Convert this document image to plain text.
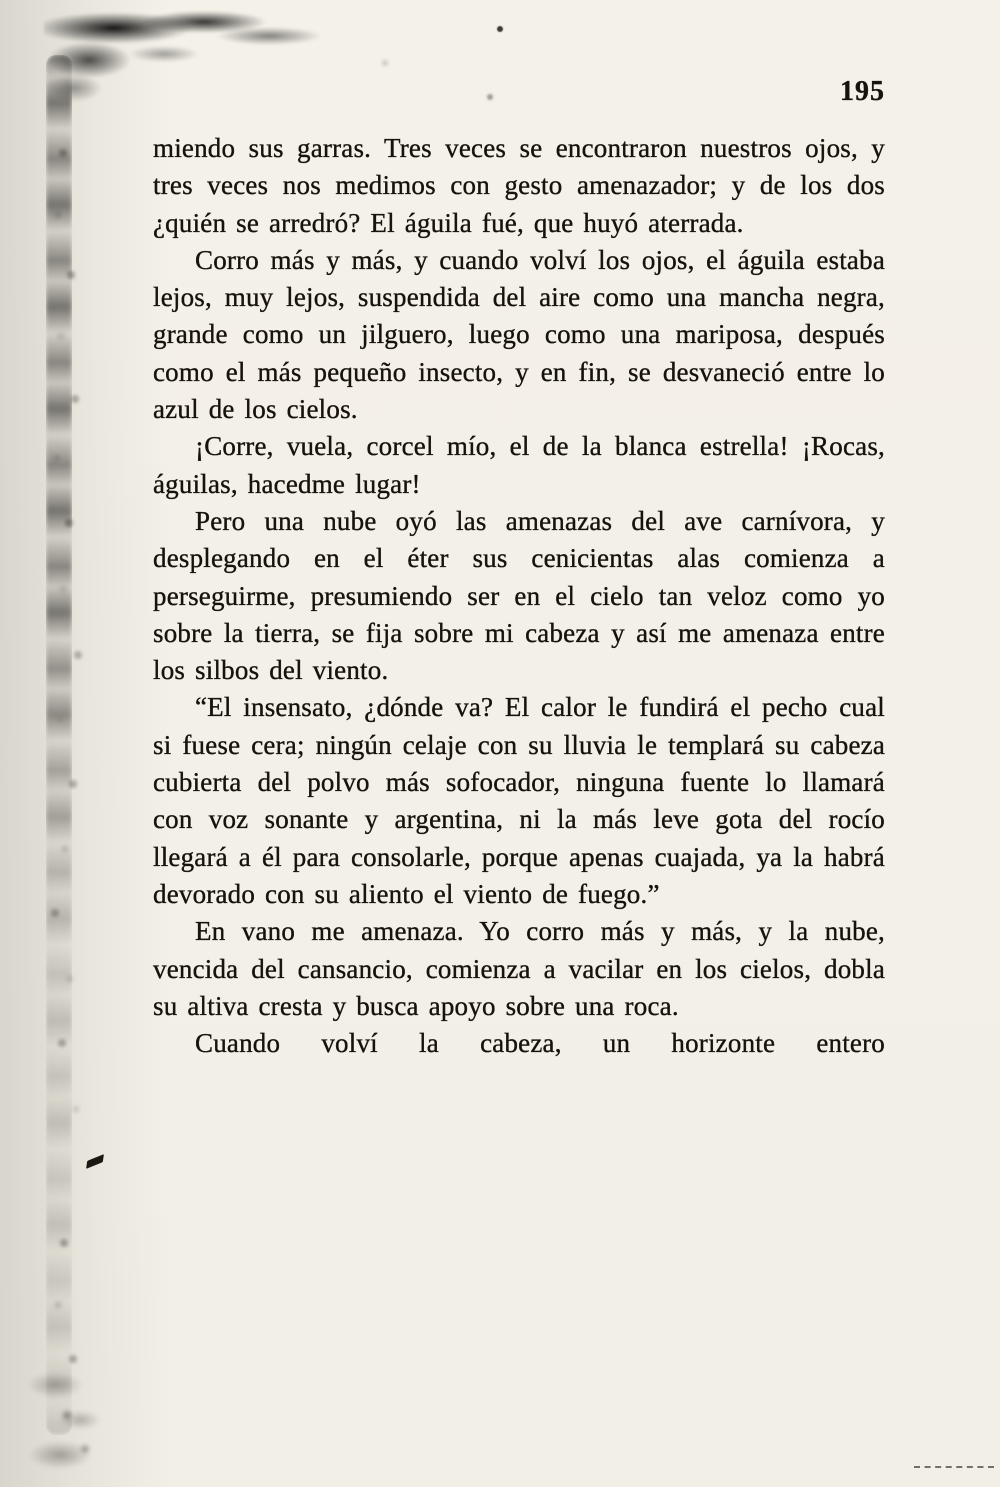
195

miendo sus garras. Tres veces se encontraron nuestros ojos, y tres veces nos medimos con gesto amenazador; y de los dos ¿quién se arredró? El águila fué, que huyó aterrada.

Corro más y más, y cuando volví los ojos, el águila estaba lejos, muy lejos, suspendida del aire como una mancha negra, grande como un jilguero, luego como una mariposa, después como el más pequeño insecto, y en fin, se desvaneció entre lo azul de los cielos.

¡Corre, vuela, corcel mío, el de la blanca estrella! ¡Rocas, águilas, hacedme lugar!

Pero una nube oyó las amenazas del ave carnívora, y desplegando en el éter sus cenicientas alas comienza a perseguirme, presumiendo ser en el cielo tan veloz como yo sobre la tierra, se fija sobre mi cabeza y así me amenaza entre los silbos del viento.

“El insensato, ¿dónde va? El calor le fundirá el pecho cual si fuese cera; ningún celaje con su lluvia le templará su cabeza cubierta del polvo más sofocador, ninguna fuente lo llamará con voz sonante y argentina, ni la más leve gota del rocío llegará a él para consolarle, porque apenas cuajada, ya la habrá devorado con su aliento el viento de fuego.”

En vano me amenaza. Yo corro más y más, y la nube, vencida del cansancio, comienza a vacilar en los cielos, dobla su altiva cresta y busca apoyo sobre una roca.

Cuando volví la cabeza, un horizonte entero
